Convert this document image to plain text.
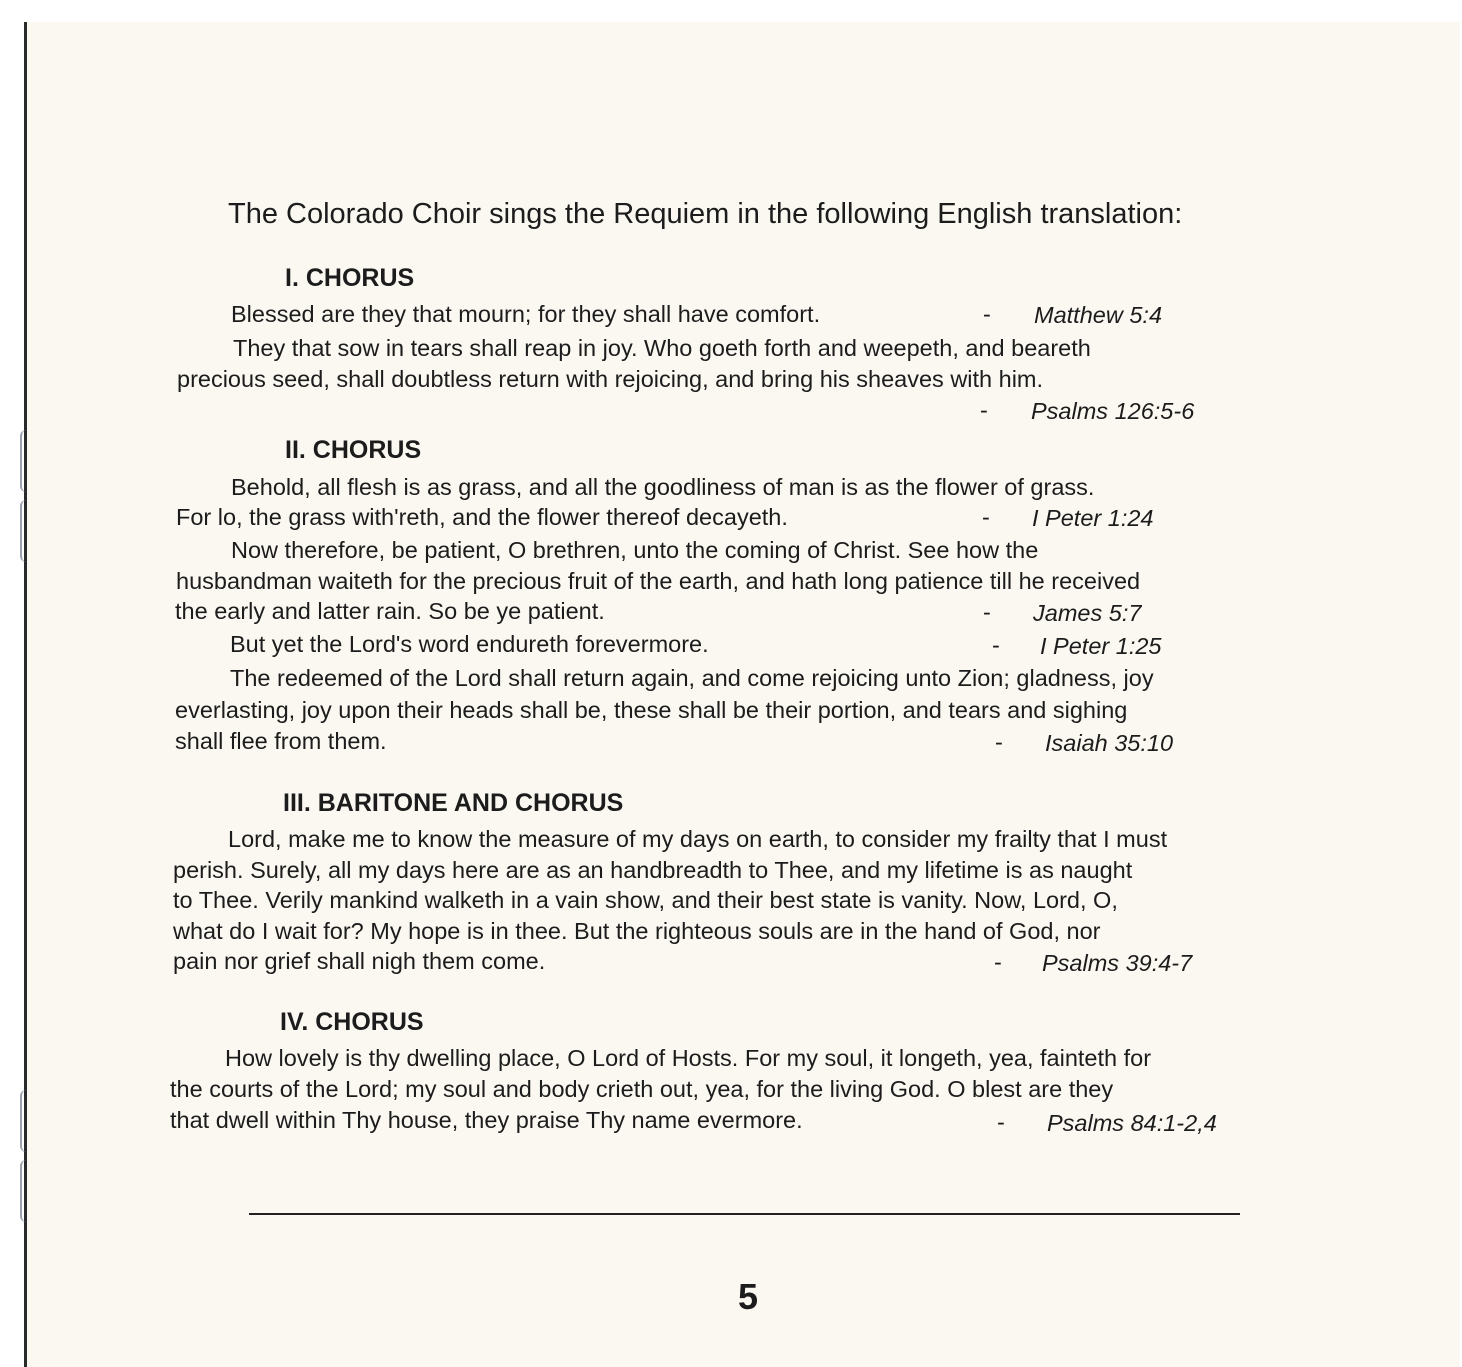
The Colorado Choir sings the Requiem in the following English translation:
I. CHORUS
Blessed are they that mourn; for they shall have comfort.	- Matthew 5:4
They that sow in tears shall reap in joy. Who goeth forth and weepeth, and beareth
precious seed, shall doubtless return with rejoicing, and bring his sheaves with him.
- Psalms 126:5-6
II. CHORUS
Behold, all flesh is as grass, and all the goodliness of man is as the flower of grass.
For lo, the grass with'reth, and the flower thereof decayeth.	- I Peter 1:24
Now therefore, be patient, O brethren, unto the coming of Christ. See how the
husbandman waiteth for the precious fruit of the earth, and hath long patience till he received
the early and latter rain. So be ye patient.	- James 5:7
But yet the Lord's word endureth forevermore.	- I Peter 1:25
The redeemed of the Lord shall return again, and come rejoicing unto Zion; gladness, joy
everlasting, joy upon their heads shall be, these shall be their portion, and tears and sighing
shall flee from them.	- Isaiah 35:10
III. BARITONE AND CHORUS
Lord, make me to know the measure of my days on earth, to consider my frailty that I must
perish. Surely, all my days here are as an handbreadth to Thee, and my lifetime is as naught
to Thee. Verily mankind walketh in a vain show, and their best state is vanity. Now, Lord, O,
what do I wait for? My hope is in thee. But the righteous souls are in the hand of God, nor
pain nor grief shall nigh them come.	- Psalms 39:4-7
IV. CHORUS
How lovely is thy dwelling place, O Lord of Hosts. For my soul, it longeth, yea, fainteth for
the courts of the Lord; my soul and body crieth out, yea, for the living God. O blest are they
that dwell within Thy house, they praise Thy name evermore.	- Psalms 84:1-2,4
5
